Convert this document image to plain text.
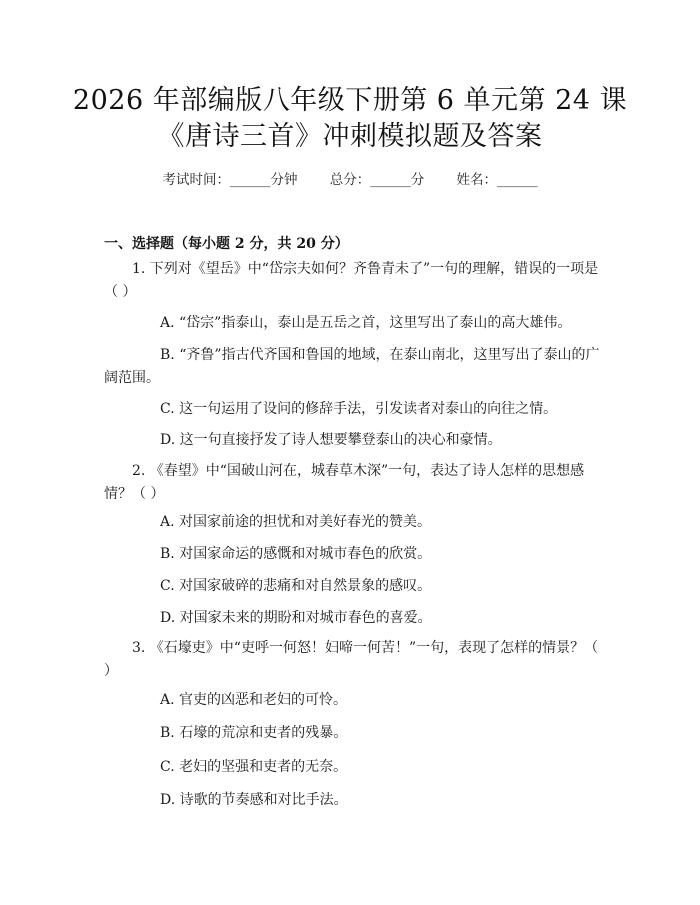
2026 年部编版八年级下册第 6 单元第 24 课
《唐诗三首》冲刺模拟题及答案
考试时间：______分钟 总分：______分 姓名：______
一、选择题（每小题 2 分，共 20 分）
1. 下列对《望岳》中“岱宗夫如何？齐鲁青未了”一句的理解，错误的一项是（ ）
A. “岱宗”指泰山，泰山是五岳之首，这里写出了泰山的高大雄伟。
B. “齐鲁”指古代齐国和鲁国的地域，在泰山南北，这里写出了泰山的广阔范围。
C. 这一句运用了设问的修辞手法，引发读者对泰山的向往之情。
D. 这一句直接抒发了诗人想要攀登泰山的决心和豪情。
2. 《春望》中“国破山河在，城春草木深”一句，表达了诗人怎样的思想感情？（ ）
A. 对国家前途的担忧和对美好春光的赞美。
B. 对国家命运的感慨和对城市春色的欣赏。
C. 对国家破碎的悲痛和对自然景象的感叹。
D. 对国家未来的期盼和对城市春色的喜爱。
3. 《石壕吏》中“吏呼一何怒！妇啼一何苦！”一句，表现了怎样的情景？（ ）
A. 官吏的凶恶和老妇的可怜。
B. 石壕的荒凉和吏者的残暴。
C. 老妇的坚强和吏者的无奈。
D. 诗歌的节奏感和对比手法。
